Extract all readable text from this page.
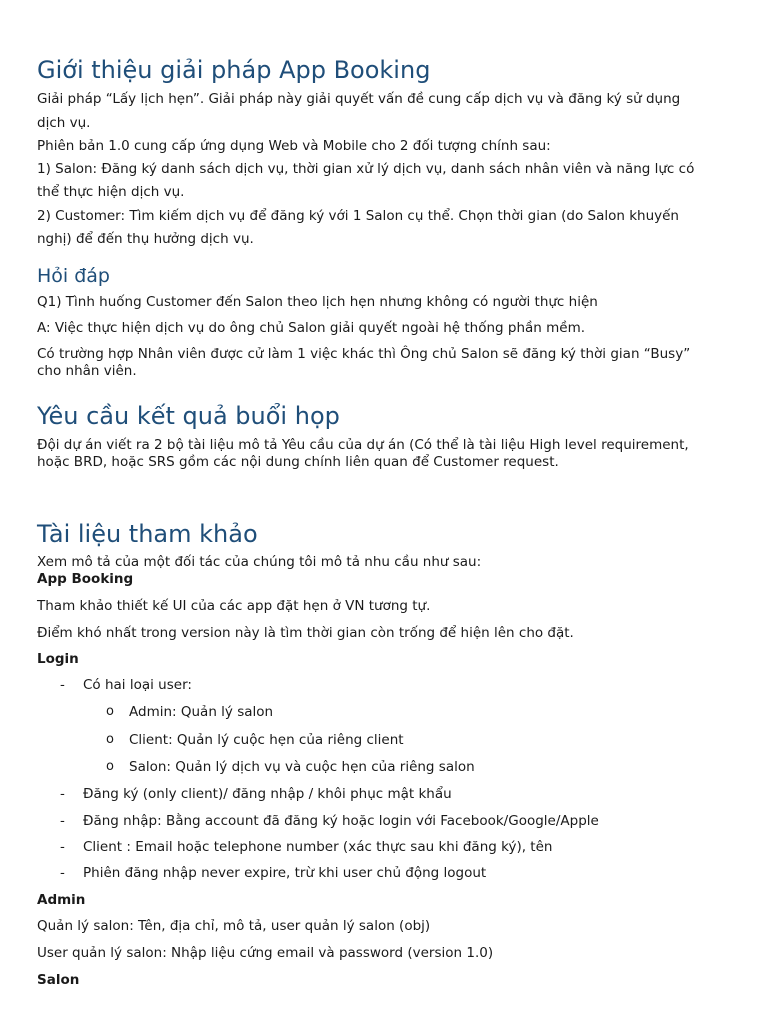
Giới thiệu giải pháp App Booking

Giải pháp “Lấy lịch hẹn”. Giải pháp này giải quyết vấn đề cung cấp dịch vụ và đăng ký sử dụng

dịch vụ.

Phiên bản 1.0 cung cấp ứng dụng Web và Mobile cho 2 đối tượng chính sau:

1) Salon: Đăng ký danh sách dịch vụ, thời gian xử lý dịch vụ, danh sách nhân viên và năng lực có

thể thực hiện dịch vụ.

2) Customer: Tìm kiếm dịch vụ để đăng ký với 1 Salon cụ thể. Chọn thời gian (do Salon khuyến

nghị) để đến thụ hưởng dịch vụ.

Hỏi đáp

Q1) Tình huống Customer đến Salon theo lịch hẹn nhưng không có người thực hiện

A: Việc thực hiện dịch vụ do ông chủ Salon giải quyết ngoài hệ thống phần mềm.

Có trường hợp Nhân viên được cử làm 1 việc khác thì Ông chủ Salon sẽ đăng ký thời gian “Busy”

cho nhân viên.

Yêu cầu kết quả buổi họp

Đội dự án viết ra 2 bộ tài liệu mô tả Yêu cầu của dự án (Có thể là tài liệu High level requirement,

hoặc BRD, hoặc SRS gồm các nội dung chính liên quan để Customer request.

Tài liệu tham khảo

Xem mô tả của một đối tác của chúng tôi mô tả nhu cầu như sau:

App Booking

Tham khảo thiết kế UI của các app đặt hẹn ở VN tương tự.

Điểm khó nhất trong version này là tìm thời gian còn trống để hiện lên cho đặt.

Login

- Có hai loại user:

o Admin: Quản lý salon

o Client: Quản lý cuộc hẹn của riêng client

o Salon: Quản lý dịch vụ và cuộc hẹn của riêng salon

- Đăng ký (only client)/ đăng nhập / khôi phục mật khẩu

- Đăng nhập: Bằng account đã đăng ký hoặc login với Facebook/Google/Apple

- Client : Email hoặc telephone number (xác thực sau khi đăng ký), tên

- Phiên đăng nhập never expire, trừ khi user chủ động logout

Admin

Quản lý salon: Tên, địa chỉ, mô tả, user quản lý salon (obj)

User quản lý salon: Nhập liệu cứng email và password (version 1.0)

Salon
